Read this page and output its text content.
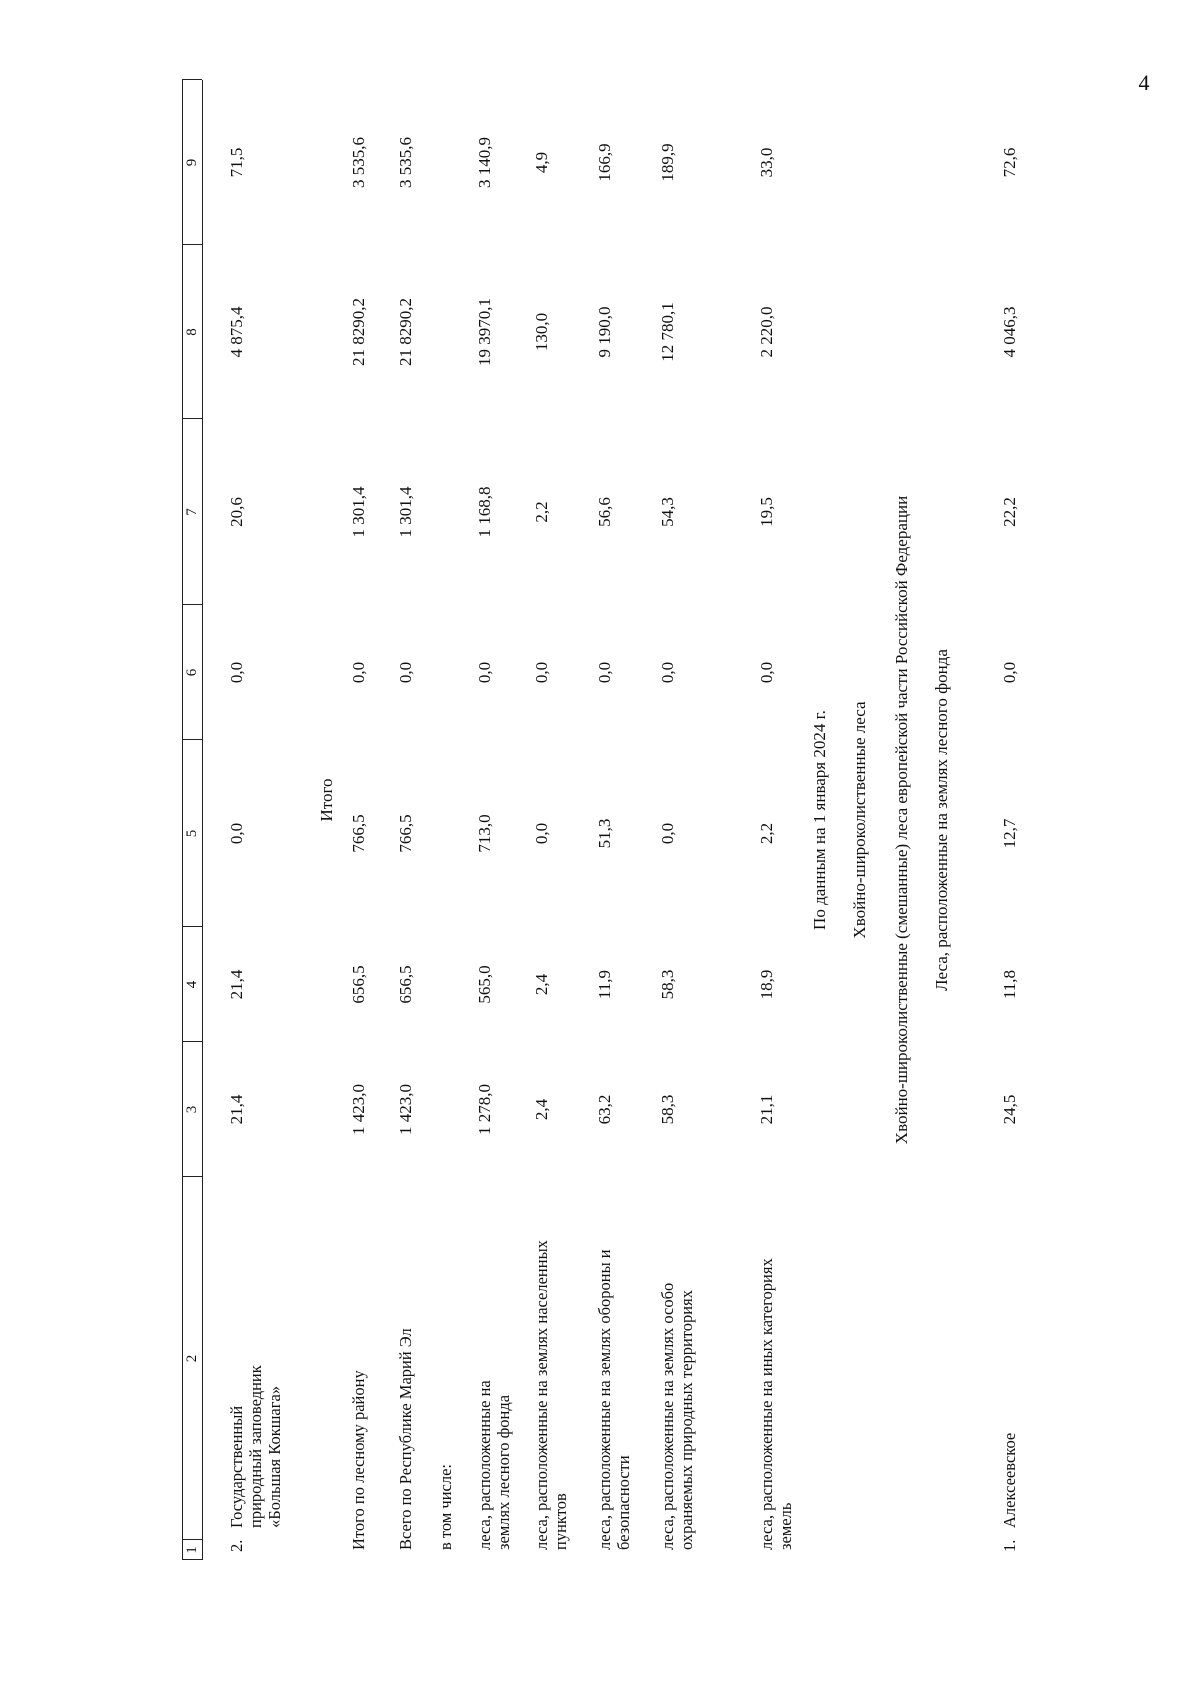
4
1
2
3
4
5
6
7
8
9
2.
Государственный природный заповедник «Большая Кокшага»
21,4
21,4
0,0
0,0
20,6
4 875,4
71,5
Итого
Итого по лесному району
1 423,0
656,5
766,5
0,0
1 301,4
21 8290,2
3 535,6
Всего по Республике Марий Эл
1 423,0
656,5
766,5
0,0
1 301,4
21 8290,2
3 535,6
в том числе: леса, расположенные на землях лесного фонда
1 278,0
565,0
713,0
0,0
1 168,8
19 3970,1
3 140,9
леса, расположенные на землях населенных пунктов
2,4
2,4
0,0
0,0
2,2
130,0
4,9
леса, расположенные на землях обороны и безопасности
63,2
11,9
51,3
0,0
56,6
9 190,0
166,9
леса, расположенные на землях особо охраняемых природных территориях
58,3
58,3
0,0
0,0
54,3
12 780,1
189,9
леса, расположенные на иных категориях земель
21,1
18,9
2,2
0,0
19,5
2 220,0
33,0
По данным на 1 января 2024 г. Хвойно-широколиственные леса Хвойно-широколиственные (смешанные) леса европейской части Российской Федерации Леса, расположенные на землях лесного фонда
1.
Алексеевское
24,5
11,8
12,7
0,0
22,2
4 046,3
72,6
